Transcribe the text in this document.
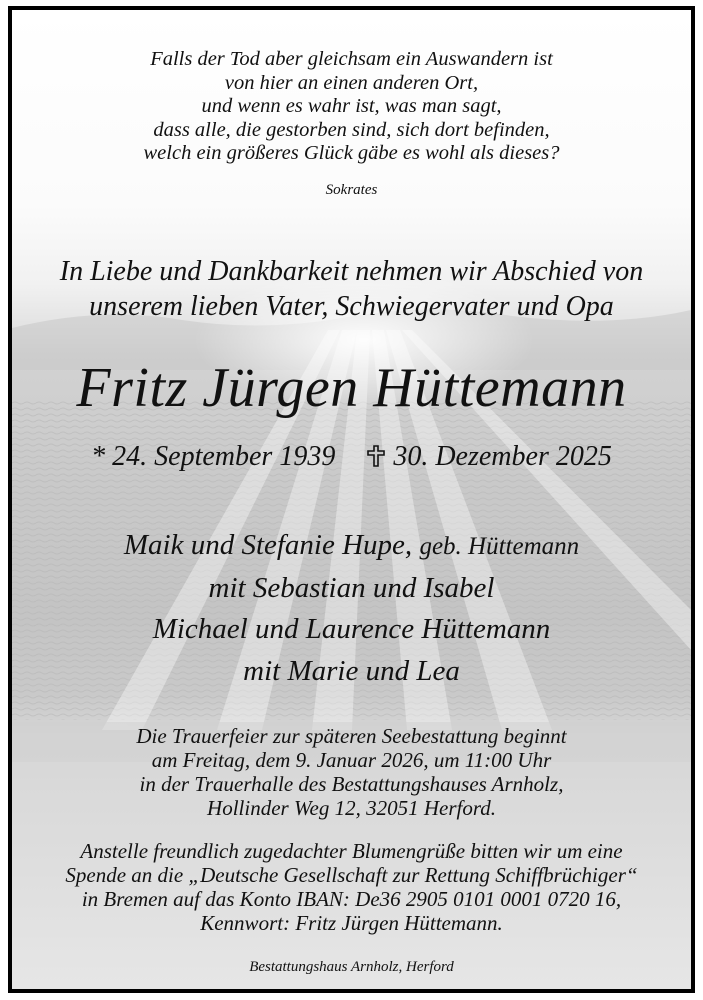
Falls der Tod aber gleichsam ein Auswandern ist
von hier an einen anderen Ort,
und wenn es wahr ist, was man sagt,
dass alle, die gestorben sind, sich dort befinden,
welch ein größeres Glück gäbe es wohl als dieses?
Sokrates
In Liebe und Dankbarkeit nehmen wir Abschied von
unserem lieben Vater, Schwiegervater und Opa
Fritz Jürgen Hüttemann
* 24. September 1939 30. Dezember 2025
Maik und Stefanie Hupe, geb. Hüttemann
mit Sebastian und Isabel
Michael und Laurence Hüttemann
mit Marie und Lea
Die Trauerfeier zur späteren Seebestattung beginnt
am Freitag, dem 9. Januar 2026, um 11:00 Uhr
in der Trauerhalle des Bestattungshauses Arnholz,
Hollinder Weg 12, 32051 Herford.
Anstelle freundlich zugedachter Blumengrüße bitten wir um eine
Spende an die „Deutsche Gesellschaft zur Rettung Schiffbrüchiger“
in Bremen auf das Konto IBAN: De36 2905 0101 0001 0720 16,
Kennwort: Fritz Jürgen Hüttemann.
Bestattungshaus Arnholz, Herford
